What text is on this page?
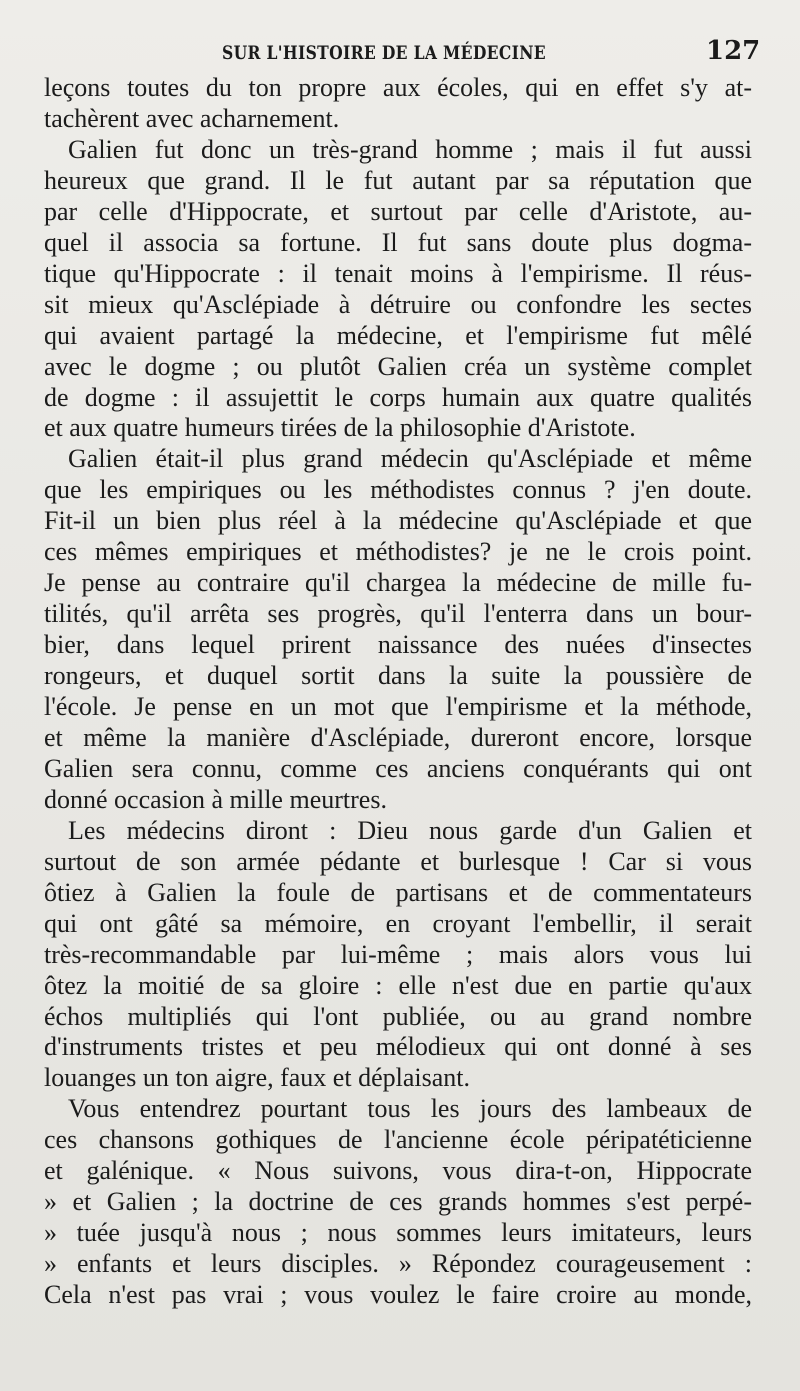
SUR L'HISTOIRE DE LA MÉDECINE	127
leçons toutes du ton propre aux écoles, qui en effet s'y at-
tachèrent avec acharnement.
Galien fut donc un très-grand homme ; mais il fut aussi
heureux que grand. Il le fut autant par sa réputation que
par celle d'Hippocrate, et surtout par celle d'Aristote, au-
quel il associa sa fortune. Il fut sans doute plus dogma-
tique qu'Hippocrate : il tenait moins à l'empirisme. Il réus-
sit mieux qu'Asclépiade à détruire ou confondre les sectes
qui avaient partagé la médecine, et l'empirisme fut mêlé
avec le dogme ; ou plutôt Galien créa un système complet
de dogme : il assujettit le corps humain aux quatre qualités
et aux quatre humeurs tirées de la philosophie d'Aristote.
Galien était-il plus grand médecin qu'Asclépiade et même
que les empiriques ou les méthodistes connus ? j'en doute.
Fit-il un bien plus réel à la médecine qu'Asclépiade et que
ces mêmes empiriques et méthodistes? je ne le crois point.
Je pense au contraire qu'il chargea la médecine de mille fu-
tilités, qu'il arrêta ses progrès, qu'il l'enterra dans un bour-
bier, dans lequel prirent naissance des nuées d'insectes
rongeurs, et duquel sortit dans la suite la poussière de
l'école. Je pense en un mot que l'empirisme et la méthode,
et même la manière d'Asclépiade, dureront encore, lorsque
Galien sera connu, comme ces anciens conquérants qui ont
donné occasion à mille meurtres.
Les médecins diront : Dieu nous garde d'un Galien et
surtout de son armée pédante et burlesque ! Car si vous
ôtiez à Galien la foule de partisans et de commentateurs
qui ont gâté sa mémoire, en croyant l'embellir, il serait
très-recommandable par lui-même ; mais alors vous lui
ôtez la moitié de sa gloire : elle n'est due en partie qu'aux
échos multipliés qui l'ont publiée, ou au grand nombre
d'instruments tristes et peu mélodieux qui ont donné à ses
louanges un ton aigre, faux et déplaisant.
Vous entendrez pourtant tous les jours des lambeaux de
ces chansons gothiques de l'ancienne école péripatéticienne
et galénique. « Nous suivons, vous dira-t-on, Hippocrate
» et Galien ; la doctrine de ces grands hommes s'est perpé-
» tuée jusqu'à nous ; nous sommes leurs imitateurs, leurs
» enfants et leurs disciples. » Répondez courageusement :
Cela n'est pas vrai ; vous voulez le faire croire au monde,
